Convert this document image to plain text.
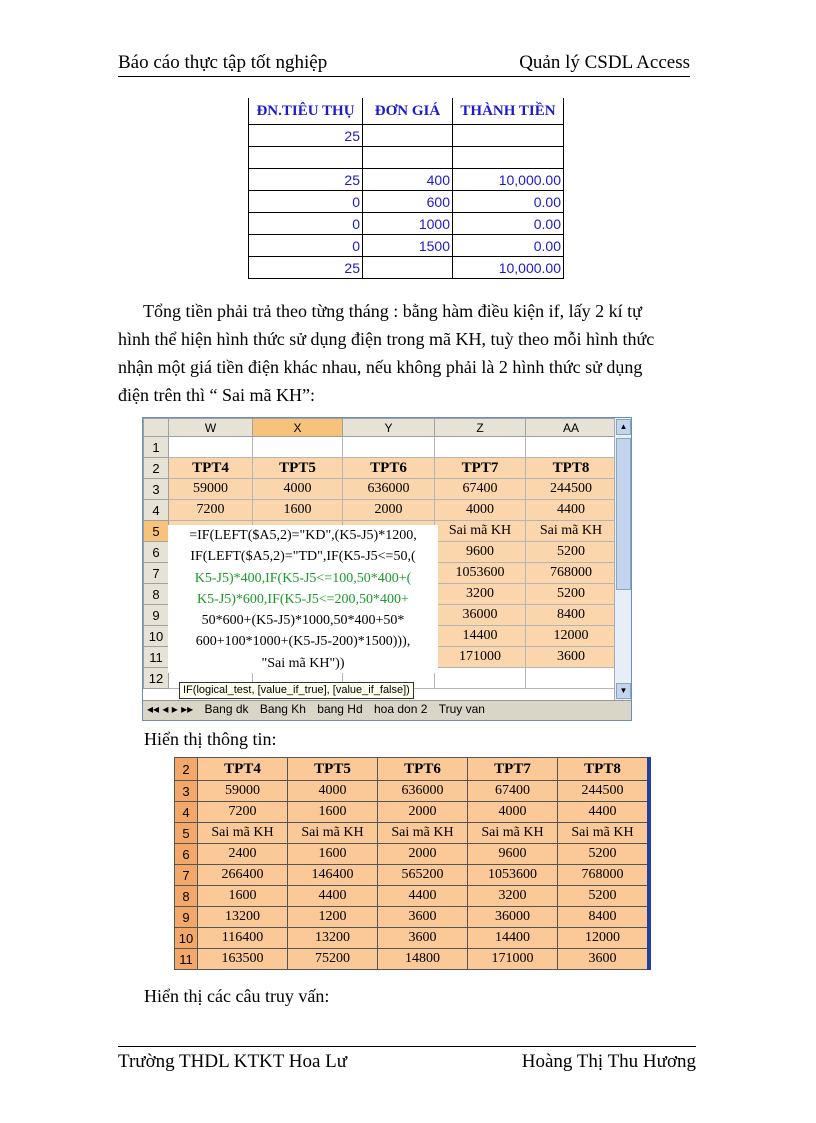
Báo cáo thực tập tốt nghiệp	Quản lý CSDL Access
ĐN.TIÊU THỤ	ĐƠN GIÁ	THÀNH TIỀN
25		

25	400	10,000.00
0	600	0.00
0	1000	0.00
0	1500	0.00
25		10,000.00

Tổng tiền phải trả theo từng tháng : bằng hàm điều kiện if, lấy 2 kí tự

hình thể hiện hình thức sử dụng điện trong mã KH, tuỳ theo mỗi hình thức

nhận một giá tiền điện khác nhau, nếu không phải là 2 hình thức sử dụng

điện trên thì “ Sai mã KH”:

	W	X	Y	Z	AA
1					
2	TPT4	TPT5	TPT6	TPT7	TPT8
3	59000	4000	636000	67400	244500
4	7200	1600	2000	4000	4400
5				Sai mã KH	Sai mã KH
6				9600	5200
7				1053600	768000
8				3200	5200
9				36000	8400
10				14400	12000
11				171000	3600
12					
=IF(LEFT($A5,2)="KD",(K5-J5)*1200,
IF(LEFT($A5,2)="TD",IF(K5-J5<=50,(
K5-J5)*400,IF(K5-J5<=100,50*400+(
K5-J5)*600,IF(K5-J5<=200,50*400+
50*600+(K5-J5)*1000,50*400+50*
600+100*1000+(K5-J5-200)*1500))),
"Sai mã KH"))
IF(logical_test, [value_if_true], [value_if_false])
▲
▼
◂◂ ◂ ▸ ▸▸ Bang dk Bang Kh bang Hd hoa don 2 Truy van
Hiển thị thông tin:
2	TPT4	TPT5	TPT6	TPT7	TPT8
3	59000	4000	636000	67400	244500
4	7200	1600	2000	4000	4400
5	Sai mã KH	Sai mã KH	Sai mã KH	Sai mã KH	Sai mã KH
6	2400	1600	2000	9600	5200
7	266400	146400	565200	1053600	768000
8	1600	4400	4400	3200	5200
9	13200	1200	3600	36000	8400
10	116400	13200	3600	14400	12000
11	163500	75200	14800	171000	3600
Hiển thị các câu truy vấn:
Trường THDL KTKT Hoa Lư	Hoàng Thị Thu Hương
